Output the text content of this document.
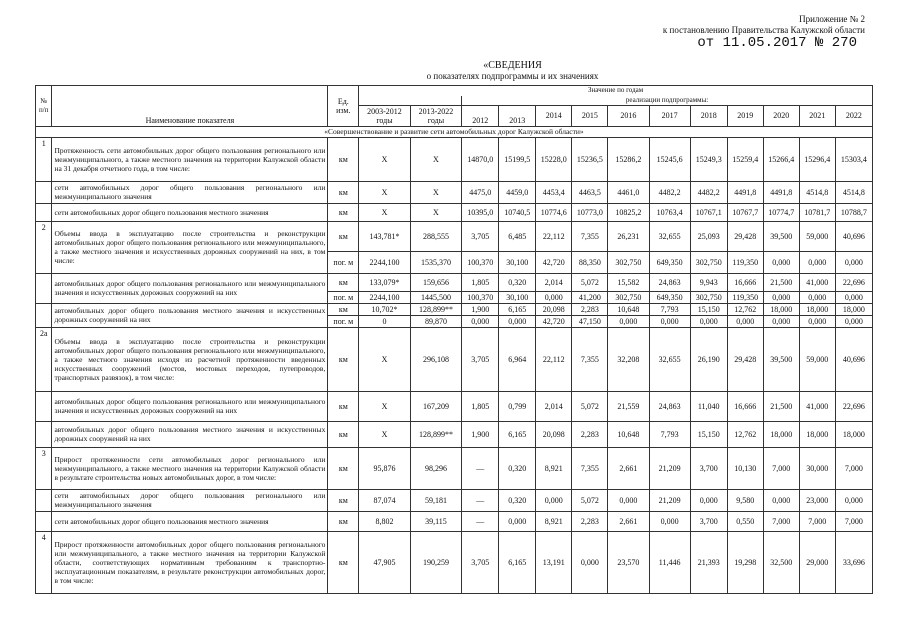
Приложение № 2
к постановлению Правительства Калужской области
от 11.05.2017 № 270
«СВЕДЕНИЯ
о показателях подпрограммы и их значениях
№ п/п	Наименование показателя	Ед. изм.	Значение по годам												
					реализации подпрограммы:										
			2003-2012 годы	2013-2022 годы	2012	2013	2014	2015	2016	2017	2018	2019	2020	2021	2022
«Совершенствование и развитие сети автомобильных дорог Калужской области»															
1	Протяженность сети автомобильных дорог общего пользования регионального или межмуниципального, а также местного значения на территории Калужской области на 31 декабря отчетного года, в том числе:	км	Х	Х	14870,0	15199,5	15228,0	15236,5	15286,2	15245,6	15249,3	15259,4	15266,4	15296,4	15303,4
	сети автомобильных дорог общего пользования регионального или межмуниципального значения	км	Х	Х	4475,0	4459,0	4453,4	4463,5	4461,0	4482,2	4482,2	4491,8	4491,8	4514,8	4514,8
	сети автомобильных дорог общего пользования местного значения	км	Х	Х	10395,0	10740,5	10774,6	10773,0	10825,2	10763,4	10767,1	10767,7	10774,7	10781,7	10788,7
2	Объемы ввода в эксплуатацию после строительства и реконструкции автомобильных дорог общего пользования регионального или межмуниципального, а также местного значения и искусственных дорожных сооружений на них, в том числе:	км	143,781*	288,555	3,705	6,485	22,112	7,355	26,231	32,655	25,093	29,428	39,500	59,000	40,696
		пог. м	2244,100	1535,370	100,370	30,100	42,720	88,350	302,750	649,350	302,750	119,350	0,000	0,000	0,000
	автомобильных дорог общего пользования регионального или межмуниципального значения и искусственных дорожных сооружений на них	км	133,079*	159,656	1,805	0,320	2,014	5,072	15,582	24,863	9,943	16,666	21,500	41,000	22,696
		пог. м	2244,100	1445,500	100,370	30,100	0,000	41,200	302,750	649,350	302,750	119,350	0,000	0,000	0,000
	автомобильных дорог общего пользования местного значения и искусственных дорожных сооружений на них	км	10,702*	128,899**	1,900	6,165	20,098	2,283	10,648	7,793	15,150	12,762	18,000	18,000	18,000
		пог. м	0	89,870	0,000	0,000	42,720	47,150	0,000	0,000	0,000	0,000	0,000	0,000	0,000
2а	Объемы ввода в эксплуатацию после строительства и реконструкции автомобильных дорог общего пользования регионального или межмуниципального, а также местного значения исходя из расчетной протяженности введенных искусственных сооружений (мостов, мостовых переходов, путепроводов, транспортных развязок), в том числе:	км	Х	296,108	3,705	6,964	22,112	7,355	32,208	32,655	26,190	29,428	39,500	59,000	40,696
	автомобильных дорог общего пользования регионального или межмуниципального значения и искусственных дорожных сооружений на них	км	Х	167,209	1,805	0,799	2,014	5,072	21,559	24,863	11,040	16,666	21,500	41,000	22,696
	автомобильных дорог общего пользования местного значения и искусственных дорожных сооружений на них	км	Х	128,899**	1,900	6,165	20,098	2,283	10,648	7,793	15,150	12,762	18,000	18,000	18,000
3	Прирост протяженности сети автомобильных дорог регионального или межмуниципального, а также местного значения на территории Калужской области в результате строительства новых автомобильных дорог, в том числе:	км	95,876	98,296	—	0,320	8,921	7,355	2,661	21,209	3,700	10,130	7,000	30,000	7,000
	сети автомобильных дорог общего пользования регионального или межмуниципального значения	км	87,074	59,181	—	0,320	0,000	5,072	0,000	21,209	0,000	9,580	0,000	23,000	0,000
	сети автомобильных дорог общего пользования местного значения	км	8,802	39,115	—	0,000	8,921	2,283	2,661	0,000	3,700	0,550	7,000	7,000	7,000
4	Прирост протяженности автомобильных дорог общего пользования регионального или межмуниципального, а также местного значения на территории Калужской области, соответствующих нормативным требованиям к транспортно-эксплуатационным показателям, в результате реконструкции автомобильных дорог, в том числе:	км	47,905	190,259	3,705	6,165	13,191	0,000	23,570	11,446	21,393	19,298	32,500	29,000	33,696
